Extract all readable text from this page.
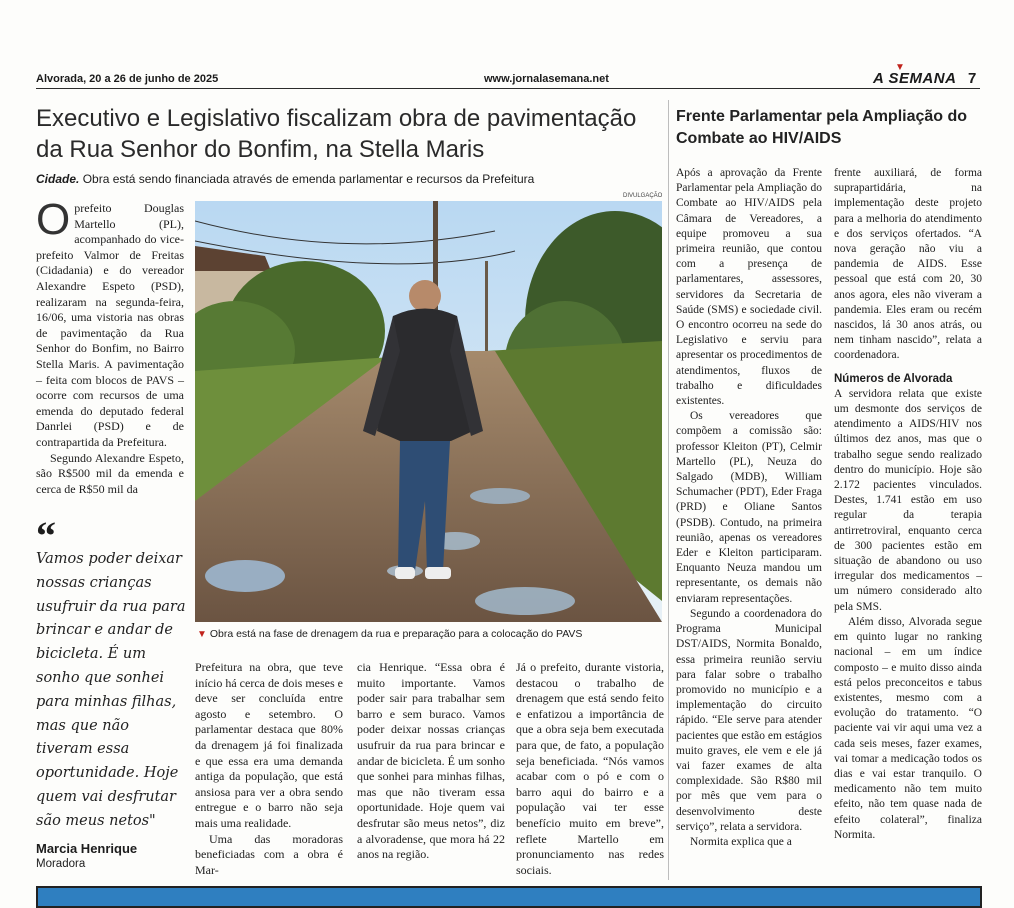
Alvorada, 20 a 26 de junho de 2025	www.jornalasemana.net
▼
A SEMANA 7
Executivo e Legislativo fiscalizam obra de pavimentação da Rua Senhor do Bonfim, na Stella Maris
Cidade. Obra está sendo financiada através de emenda parlamentar e recursos da Prefeitura
O prefeito Douglas Martello (PL), acompanhado do vice-prefeito Valmor de Freitas (Cidadania) e do vereador Alexandre Espeto (PSD), realizaram na segunda-feira, 16/06, uma vistoria nas obras de pavimentação da Rua Senhor do Bonfim, no Bairro Stella Maris. A pavimentação – feita com blocos de PAVS – ocorre com recursos de uma emenda do deputado federal Danrlei (PSD) e de contrapartida da Prefeitura.

Segundo Alexandre Espeto, são R$500 mil da emenda e cerca de R$50 mil da

“
Vamos poder deixar nossas crianças usufruir da rua para brincar e andar de bicicleta. É um sonho que sonhei para minhas filhas, mas que não tiveram essa oportunidade. Hoje quem vai desfrutar são meus netos"
Marcia Henrique
Moradora
DIVULGAÇÃO
▼ Obra está na fase de drenagem da rua e preparação para a colocação do PAVS

Prefeitura na obra, que teve início há cerca de dois meses e deve ser concluída entre agosto e setembro. O parlamentar destaca que 80% da drenagem já foi finalizada e que essa era uma demanda antiga da população, que está ansiosa para ver a obra sendo entregue e o barro não seja mais uma realidade.

Uma das moradoras beneficiadas com a obra é Mar-

cia Henrique. “Essa obra é muito importante. Vamos poder sair para trabalhar sem barro e sem buraco. Vamos poder deixar nossas crianças usufruir da rua para brincar e andar de bicicleta. É um sonho que sonhei para minhas filhas, mas que não tiveram essa oportunidade. Hoje quem vai desfrutar são meus netos”, diz a alvoradense, que mora há 22 anos na região.

Já o prefeito, durante vistoria, destacou o trabalho de drenagem que está sendo feito e enfatizou a importância de que a obra seja bem executada para que, de fato, a população seja beneficiada. “Nós vamos acabar com o pó e com o barro aqui do bairro e a população vai ter esse benefício muito em breve”, reflete Martello em pronunciamento nas redes sociais.

Frente Parlamentar pela Ampliação do Combate ao HIV/AIDS

Após a aprovação da Frente Parlamentar pela Ampliação do Combate ao HIV/AIDS pela Câmara de Vereadores, a equipe promoveu a sua primeira reunião, que contou com a presença de parlamentares, assessores, servidores da Secretaria de Saúde (SMS) e sociedade civil. O encontro ocorreu na sede do Legislativo e serviu para apresentar os procedimentos de atendimentos, fluxos de trabalho e dificuldades existentes.

Os vereadores que compõem a comissão são: professor Kleiton (PT), Celmir Martello (PL), Neuza do Salgado (MDB), William Schumacher (PDT), Eder Fraga (PRD) e Oliane Santos (PSDB). Contudo, na primeira reunião, apenas os vereadores Eder e Kleiton participaram. Enquanto Neuza mandou um representante, os demais não enviaram representações.

Segundo a coordenadora do Programa Municipal DST/AIDS, Normita Bonaldo, essa primeira reunião serviu para falar sobre o trabalho promovido no município e a implementação do circuito rápido. “Ele serve para atender pacientes que estão em estágios muito graves, ele vem e ele já vai fazer exames de alta complexidade. São R$80 mil por mês que vem para o desenvolvimento deste serviço”, relata a servidora.

Normita explica que a

frente auxiliará, de forma suprapartidária, na implementação deste projeto para a melhoria do atendimento e dos serviços ofertados. “A nova geração não viu a pandemia de AIDS. Esse pessoal que está com 20, 30 anos agora, eles não viveram a pandemia. Eles eram ou recém nascidos, lá 30 anos atrás, ou nem tinham nascido”, relata a coordenadora.

Números de Alvorada

A servidora relata que existe um desmonte dos serviços de atendimento a AIDS/HIV nos últimos dez anos, mas que o trabalho segue sendo realizado dentro do município. Hoje são 2.172 pacientes vinculados. Destes, 1.741 estão em uso regular da terapia antirretroviral, enquanto cerca de 300 pacientes estão em situação de abandono ou uso irregular dos medicamentos – um número considerado alto pela SMS.

Além disso, Alvorada segue em quinto lugar no ranking nacional – em um índice composto – e muito disso ainda está pelos preconceitos e tabus existentes, mesmo com a evolução do tratamento. “O paciente vai vir aqui uma vez a cada seis meses, fazer exames, vai tomar a medicação todos os dias e vai estar tranquilo. O medicamento não tem muito efeito, não tem quase nada de efeito colateral”, finaliza Normita.
